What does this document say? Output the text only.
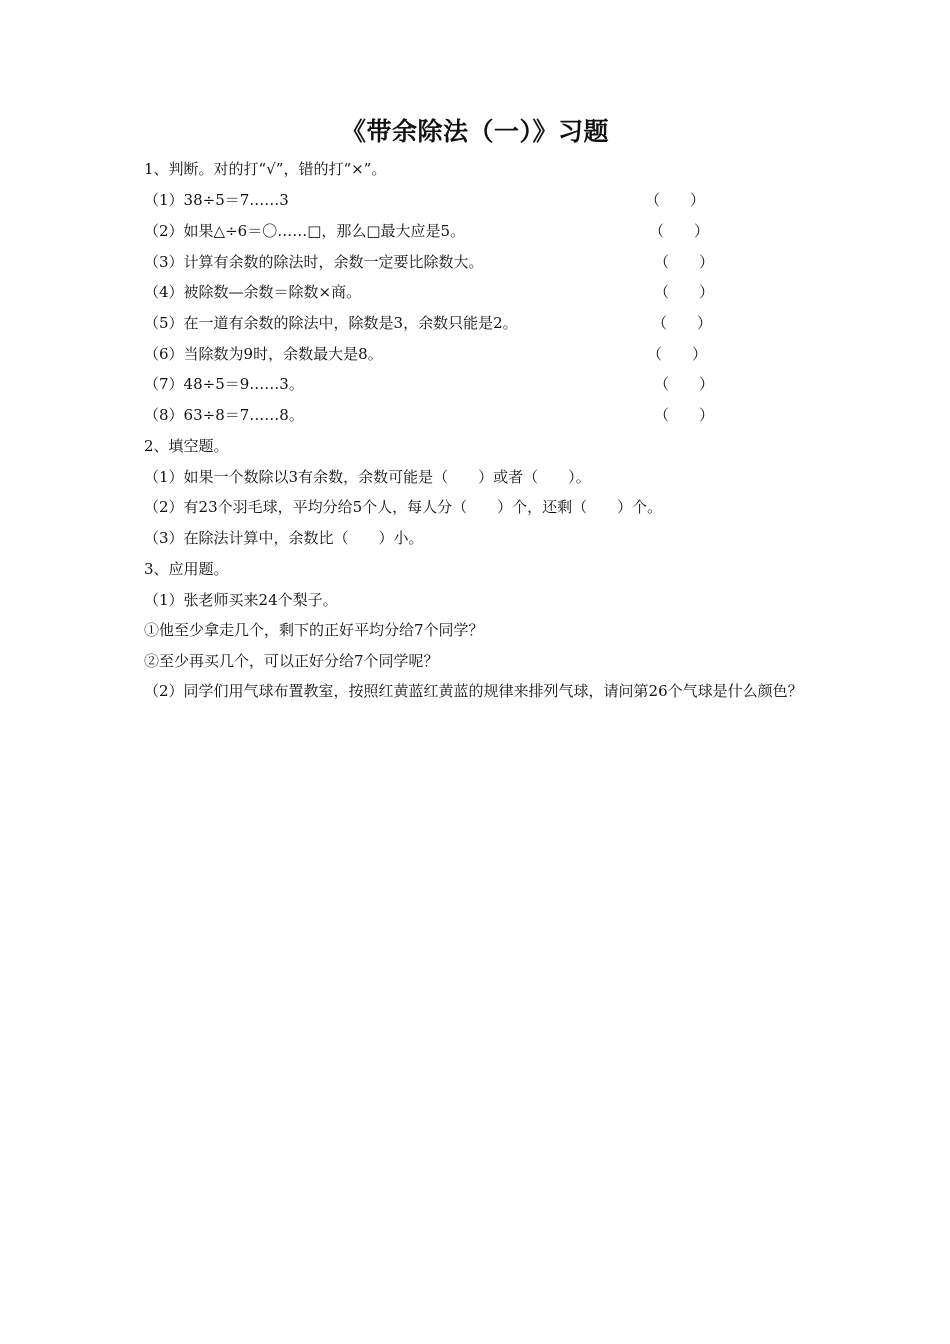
《带余除法（一）》习题
1、判断。对的打“√”，错的打“×”。
（1）38÷5＝7……3	（　　）
（2）如果△÷6＝〇……□，那么□最大应是5。	（　　）
（3）计算有余数的除法时，余数一定要比除数大。	（　　）
（4）被除数—余数＝除数×商。	（　　）
（5）在一道有余数的除法中，除数是3，余数只能是2。	（　　）
（6）当除数为9时，余数最大是8。	（　　）
（7）48÷5＝9……3。	（　　）
（8）63÷8＝7……8。	（　　）
2、填空题。
（1）如果一个数除以3有余数，余数可能是（　　）或者（　　）。
（2）有23个羽毛球，平均分给5个人，每人分（　　）个，还剩（　　）个。
（3）在除法计算中，余数比（　　）小。
3、应用题。
（1）张老师买来24个梨子。
①他至少拿走几个，剩下的正好平均分给7个同学？
②至少再买几个，可以正好分给7个同学呢？
（2）同学们用气球布置教室，按照红黄蓝红黄蓝的规律来排列气球，请问第26个气球是什么颜色？
